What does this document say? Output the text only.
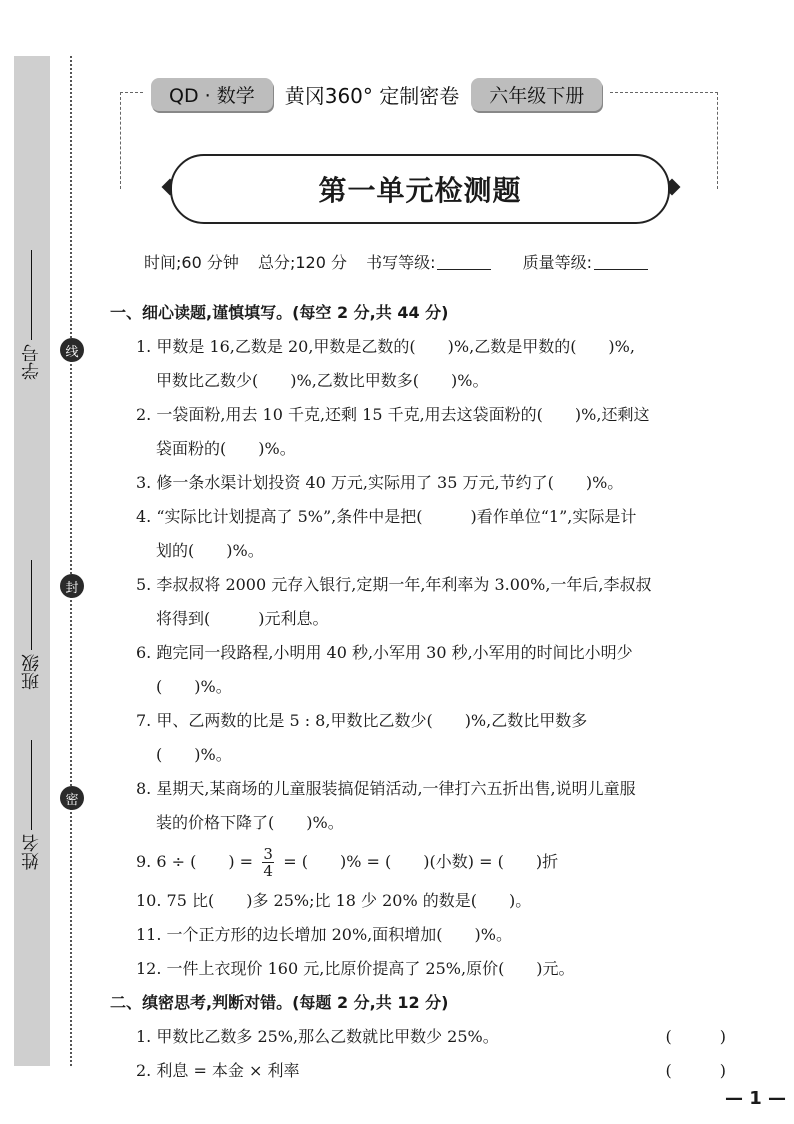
学号
班级
姓名
线
封
密
QD · 数学	黄冈360° 定制密卷	六年级下册
第一单元检测题
时间;60 分钟 总分;120 分 书写等级:	质量等级:
一、细心读题,谨慎填写。(每空 2 分,共 44 分)
1. 甲数是 16,乙数是 20,甲数是乙数的(　　)%,乙数是甲数的(　　)%,
甲数比乙数少(　　)%,乙数比甲数多(　　)%。
2. 一袋面粉,用去 10 千克,还剩 15 千克,用去这袋面粉的(　　)%,还剩这
袋面粉的(　　)%。
3. 修一条水渠计划投资 40 万元,实际用了 35 万元,节约了(　　)%。
4. “实际比计划提高了 5%”,条件中是把(　　　)看作单位“1”,实际是计
划的(　　)%。
5. 李叔叔将 2000 元存入银行,定期一年,年利率为 3.00%,一年后,李叔叔
将得到(　　　)元利息。
6. 跑完同一段路程,小明用 40 秒,小军用 30 秒,小军用的时间比小明少
(　　)%。
7. 甲、乙两数的比是 5 : 8,甲数比乙数少(　　)%,乙数比甲数多
(　　)%。
8. 星期天,某商场的儿童服装搞促销活动,一律打六五折出售,说明儿童服
装的价格下降了(　　)%。
9. 6 ÷ (　　) = $\frac{3}{4}$ = (　　)% = (　　)(小数) = (　　)折
10. 75 比(　　)多 25%;比 18 少 20% 的数是(　　)。
11. 一个正方形的边长增加 20%,面积增加(　　)%。
12. 一件上衣现价 160 元,比原价提高了 25%,原价(　　)元。
二、缜密思考,判断对错。(每题 2 分,共 12 分)
1. 甲数比乙数多 25%,那么乙数就比甲数少 25%。	(　　　)
2. 利息 = 本金 × 利率	(　　　)
— 1 —
